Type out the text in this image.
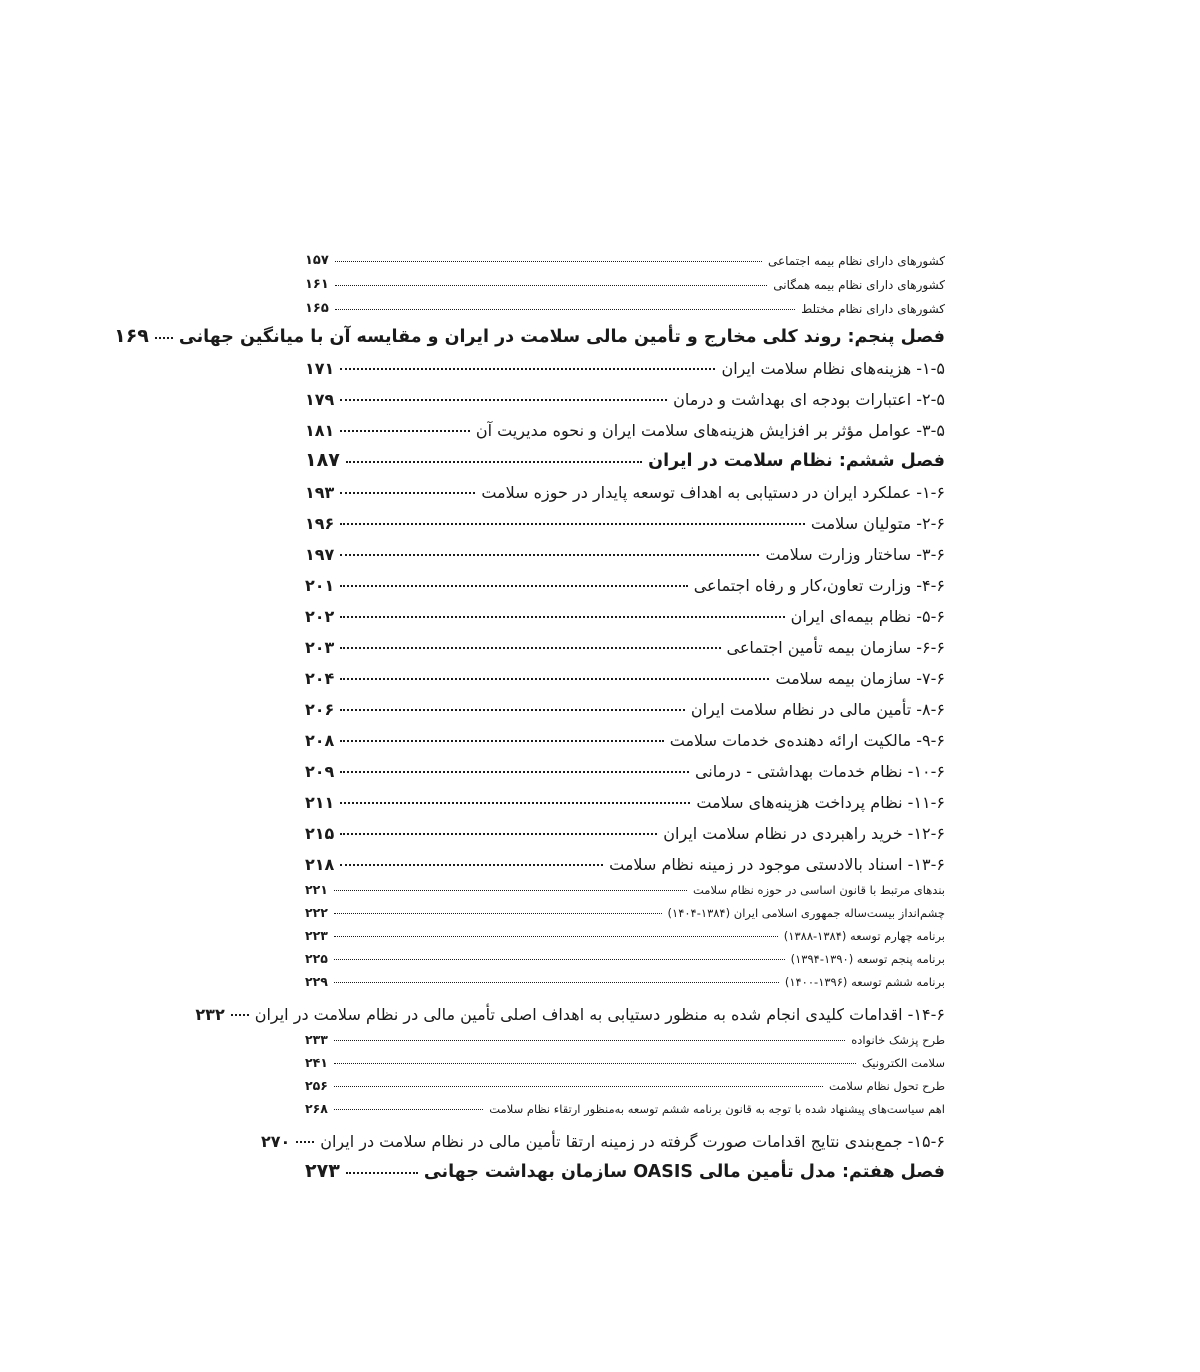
کشورهای دارای نظام بیمه اجتماعی
۱۵۷
کشورهای دارای نظام بیمه همگانی
۱۶۱
کشورهای دارای نظام مختلط
۱۶۵
فصل پنجم: روند کلی مخارج و تأمین مالی سلامت در ایران و مقایسه آن با میانگین جهانی
۱۶۹
۱-۵- هزینه‌های نظام سلامت ایران
۱۷۱
۲-۵- اعتبارات بودجه ای بهداشت و درمان
۱۷۹
۳-۵- عوامل مؤثر بر افزایش هزینه‌های سلامت ایران و نحوه مدیریت آن
۱۸۱
فصل ششم: نظام سلامت در ایران
۱۸۷
۱-۶- عملکرد ایران در دستیابی به اهداف توسعه پایدار در حوزه سلامت
۱۹۳
۲-۶- متولیان سلامت
۱۹۶
۳-۶- ساختار وزارت سلامت
۱۹۷
۴-۶- وزارت تعاون،کار و رفاه اجتماعی
۲۰۱
۵-۶- نظام بیمه‌ای ایران
۲۰۲
۶-۶- سازمان بیمه تأمین اجتماعی
۲۰۳
۷-۶- سازمان بیمه سلامت
۲۰۴
۸-۶- تأمین مالی در نظام سلامت ایران
۲۰۶
۹-۶- مالکیت ارائه دهنده‌ی خدمات سلامت
۲۰۸
۱۰-۶- نظام خدمات بهداشتی - درمانی
۲۰۹
۱۱-۶- نظام پرداخت هزینه‌های سلامت
۲۱۱
۱۲-۶- خرید راهبردی در نظام سلامت ایران
۲۱۵
۱۳-۶- اسناد بالادستی موجود در زمینه نظام سلامت
۲۱۸
بندهای مرتبط با قانون اساسی در حوزه نظام سلامت
۲۲۱
چشم‌انداز بیست‌ساله جمهوری اسلامی ایران (۱۳۸۴-۱۴۰۴)
۲۲۲
برنامه چهارم توسعه (۱۳۸۴-۱۳۸۸)
۲۲۳
برنامه پنجم توسعه (۱۳۹۰-۱۳۹۴)
۲۲۵
برنامه ششم توسعه (۱۳۹۶-۱۴۰۰)
۲۲۹
۱۴-۶- اقدامات کلیدی انجام شده به منظور دستیابی به اهداف اصلی تأمین مالی در نظام سلامت در ایران
۲۳۲
طرح پزشک خانواده
۲۳۳
سلامت الکترونیک
۲۴۱
طرح تحول نظام سلامت
۲۵۶
اهم سیاست‌های پیشنهاد شده با توجه به قانون برنامه ششم توسعه به‌منظور ارتقاء نظام سلامت
۲۶۸
۱۵-۶- جمع‌بندی نتایج اقدامات صورت گرفته در زمینه ارتقا تأمین مالی در نظام سلامت در ایران
۲۷۰
فصل هفتم: مدل تأمین مالی OASIS سازمان بهداشت جهانی
۲۷۳
